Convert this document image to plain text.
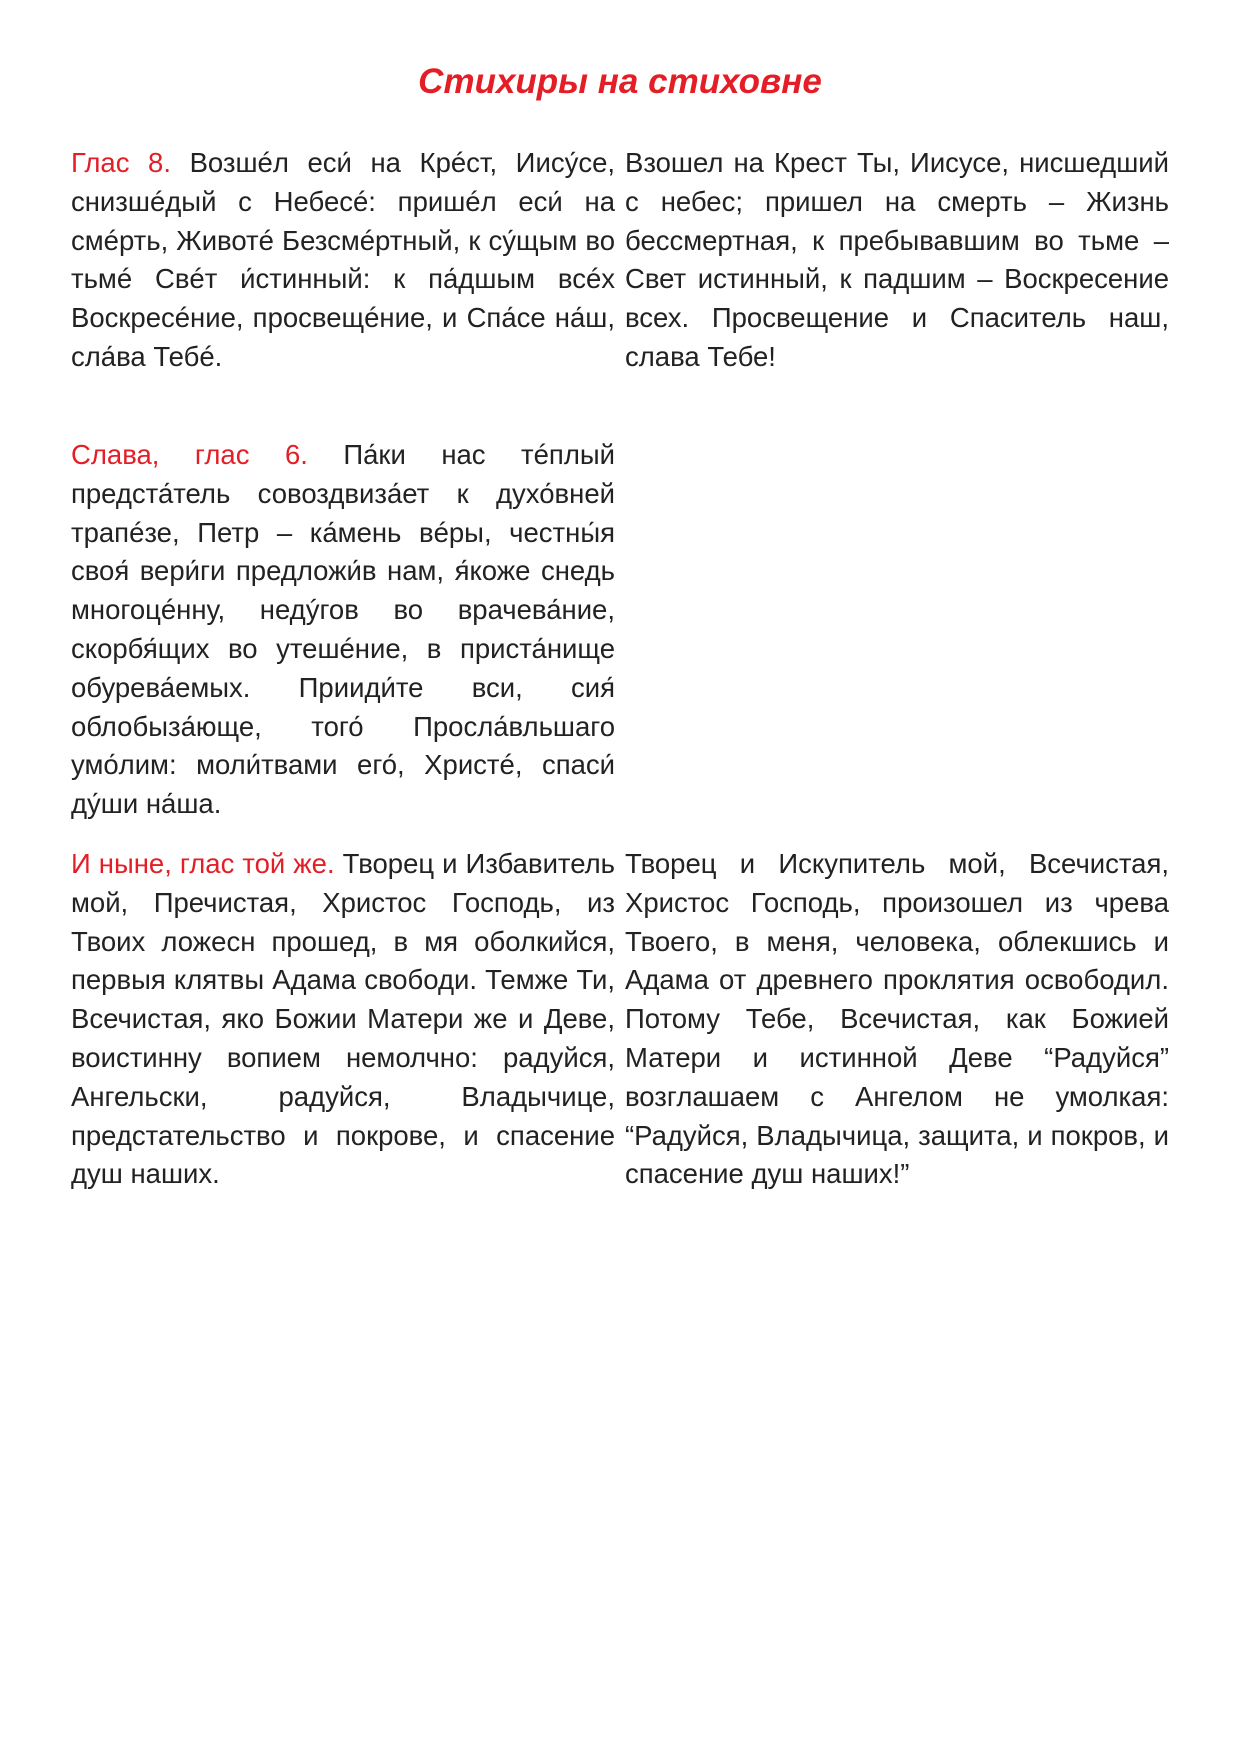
Стихиры на стиховне

Глас 8. Возшéл еси́ на Крéст, Иису́се, снизшéдый с Небесé: пришéл еси́ на смéрть, Животé Безсмéртный, к су́щым во тьмé Свéт и́стинный: к па́дшым всéх Воскресéние, просвещéние, и Спа́се на́ш, сла́ва Тебé.

Взошел на Крест Ты, Иисусе, нисшедший с небес; пришел на смерть – Жизнь бессмертная, к пребывавшим во тьме – Свет истинный, к падшим – Воскресение всех. Просвещение и Спаситель наш, слава Тебе!

Слава, глас 6. Па́ки нас тéплый предста́тель совоздвиза́ет к духо́вней трапéзе, Петр – ка́мень вéры, честны́я своя́ вери́ги предложи́в нам, я́коже снедь многоцéнну, недýгов во врачева́ние, скорбя́щих во утешéние, в приста́нище обурева́емых. Прииди́те вси, сия́ облобыза́юще, того́ Просла́вльшаго умо́лим: моли́твами его́, Христé, спаси́ ду́ши на́ша.

И ныне, глас той же. Творец и Избавитель мой, Пречистая, Христос Господь, из Твоих ложесн прошед, в мя оболкийся, первыя клятвы Адама свободи. Темже Ти, Всечистая, яко Божии Матери же и Деве, воистинну вопием немолчно: радуйся, Ангельски, радуйся, Владычице, предстательство и покрове, и спасение душ наших.

Творец и Искупитель мой, Всечистая, Христос Господь, произошел из чрева Твоего, в меня, человека, облекшись и Адама от древнего проклятия освободил. Потому Тебе, Всечистая, как Божией Матери и истинной Деве “Радуйся” возглашаем с Ангелом не умолкая: “Радуйся, Владычица, защита, и покров, и спасение душ наших!”
